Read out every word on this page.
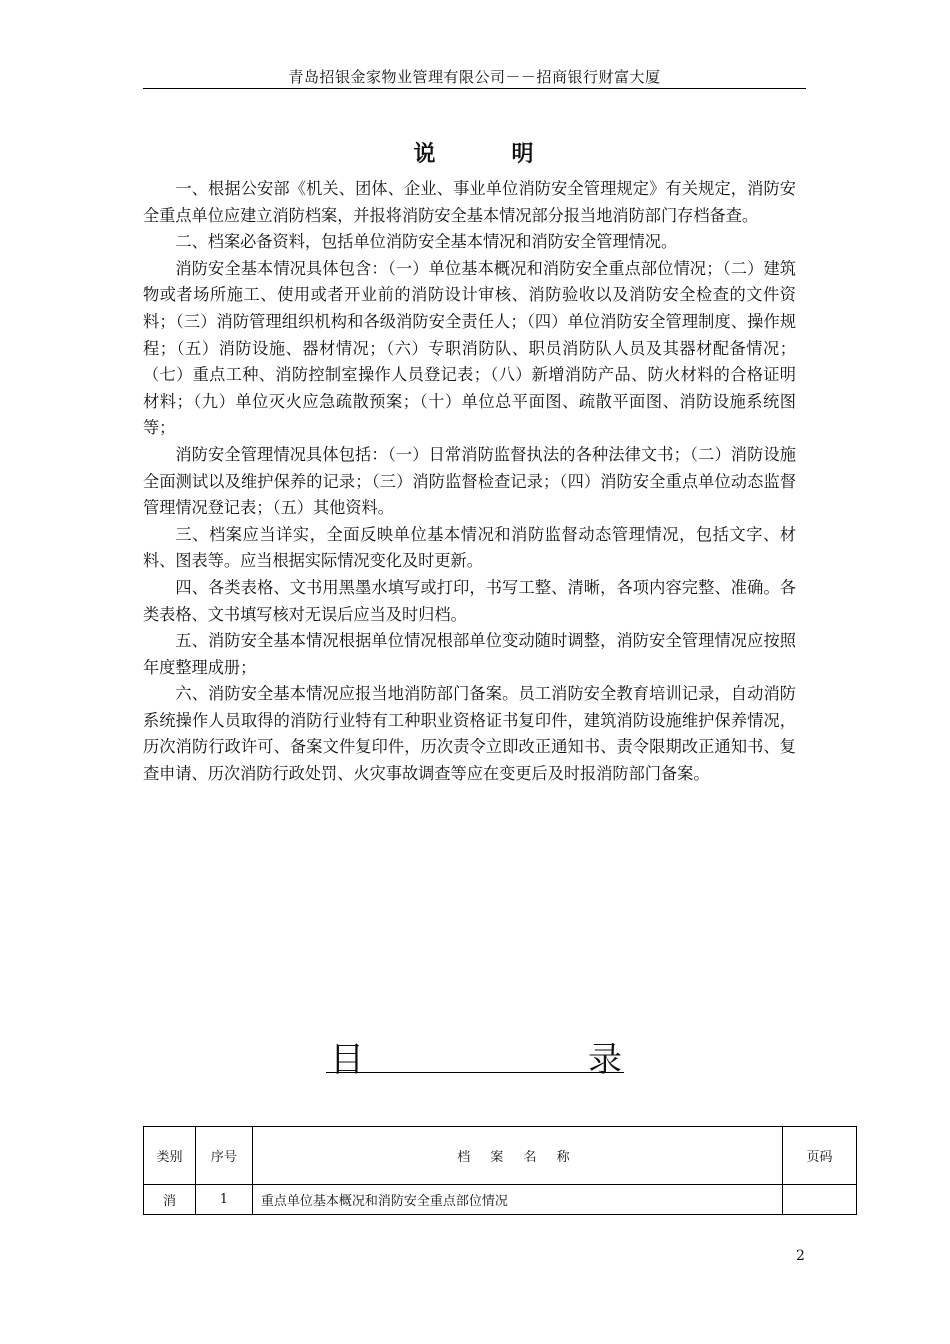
青岛招银金家物业管理有限公司－－招商银行财富大厦
说	明

一、根据公安部《机关、团体、企业、事业单位消防安全管理规定》有关规定，消防安全重点单位应建立消防档案，并报将消防安全基本情况部分报当地消防部门存档备查。

二、档案必备资料，包括单位消防安全基本情况和消防安全管理情况。

消防安全基本情况具体包含：（一）单位基本概况和消防安全重点部位情况；（二）建筑物或者场所施工、使用或者开业前的消防设计审核、消防验收以及消防安全检查的文件资料；（三）消防管理组织机构和各级消防安全责任人；（四）单位消防安全管理制度、操作规程；（五）消防设施、器材情况；（六）专职消防队、职员消防队人员及其器材配备情况；（七）重点工种、消防控制室操作人员登记表；（八）新增消防产品、防火材料的合格证明材料；（九）单位灭火应急疏散预案；（十）单位总平面图、疏散平面图、消防设施系统图等；

消防安全管理情况具体包括：（一）日常消防监督执法的各种法律文书；（二）消防设施全面测试以及维护保养的记录；（三）消防监督检查记录；（四）消防安全重点单位动态监督管理情况登记表；（五）其他资料。

三、档案应当详实，全面反映单位基本情况和消防监督动态管理情况，包括文字、材料、图表等。应当根据实际情况变化及时更新。

四、各类表格、文书用黑墨水填写或打印，书写工整、清晰，各项内容完整、准确。各类表格、文书填写核对无误后应当及时归档。

五、消防安全基本情况根据单位情况根部单位变动随时调整，消防安全管理情况应按照年度整理成册；

六、消防安全基本情况应报当地消防部门备案。员工消防安全教育培训记录，自动消防系统操作人员取得的消防行业特有工种职业资格证书复印件，建筑消防设施维护保养情况，历次消防行政许可、备案文件复印件，历次责令立即改正通知书、责令限期改正通知书、复查申请、历次消防行政处罚、火灾事故调查等应在变更后及时报消防部门备案。

目	录
类别	序号	档 案 名 称	页码
消	1	重点单位基本概况和消防安全重点部位情况	
2
